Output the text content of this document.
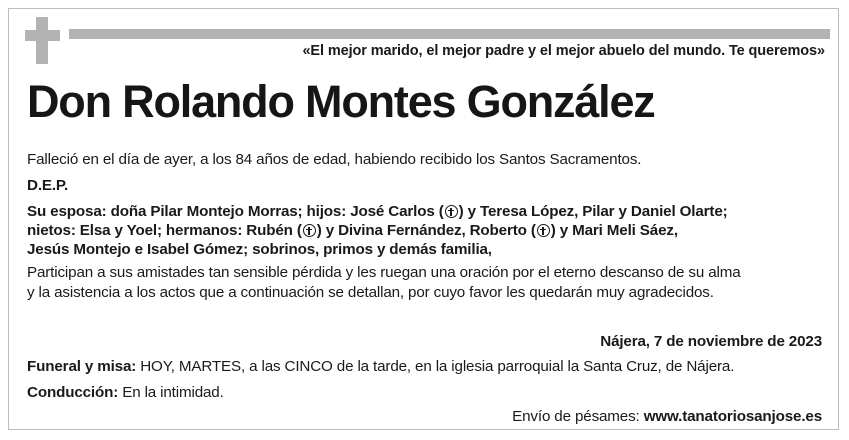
«El mejor marido, el mejor padre y el mejor abuelo del mundo. Te queremos»
Don Rolando Montes González
Falleció en el día de ayer, a los 84 años de edad, habiendo recibido los Santos Sacramentos.
D.E.P.
Su esposa: doña Pilar Montejo Morras; hijos: José Carlos ( ) y Teresa López, Pilar y Daniel Olarte;
nietos: Elsa y Yoel; hermanos: Rubén ( ) y Divina Fernández, Roberto ( ) y Mari Meli Sáez,
Jesús Montejo e Isabel Gómez; sobrinos, primos y demás familia,
Participan a sus amistades tan sensible pérdida y les ruegan una oración por el eterno descanso de su alma
y la asistencia a los actos que a continuación se detallan, por cuyo favor les quedarán muy agradecidos.
Nájera, 7 de noviembre de 2023
Funeral y misa: HOY, MARTES, a las CINCO de la tarde, en la iglesia parroquial la Santa Cruz, de Nájera.
Conducción: En la intimidad.
Envío de pésames: www.tanatoriosanjose.es
